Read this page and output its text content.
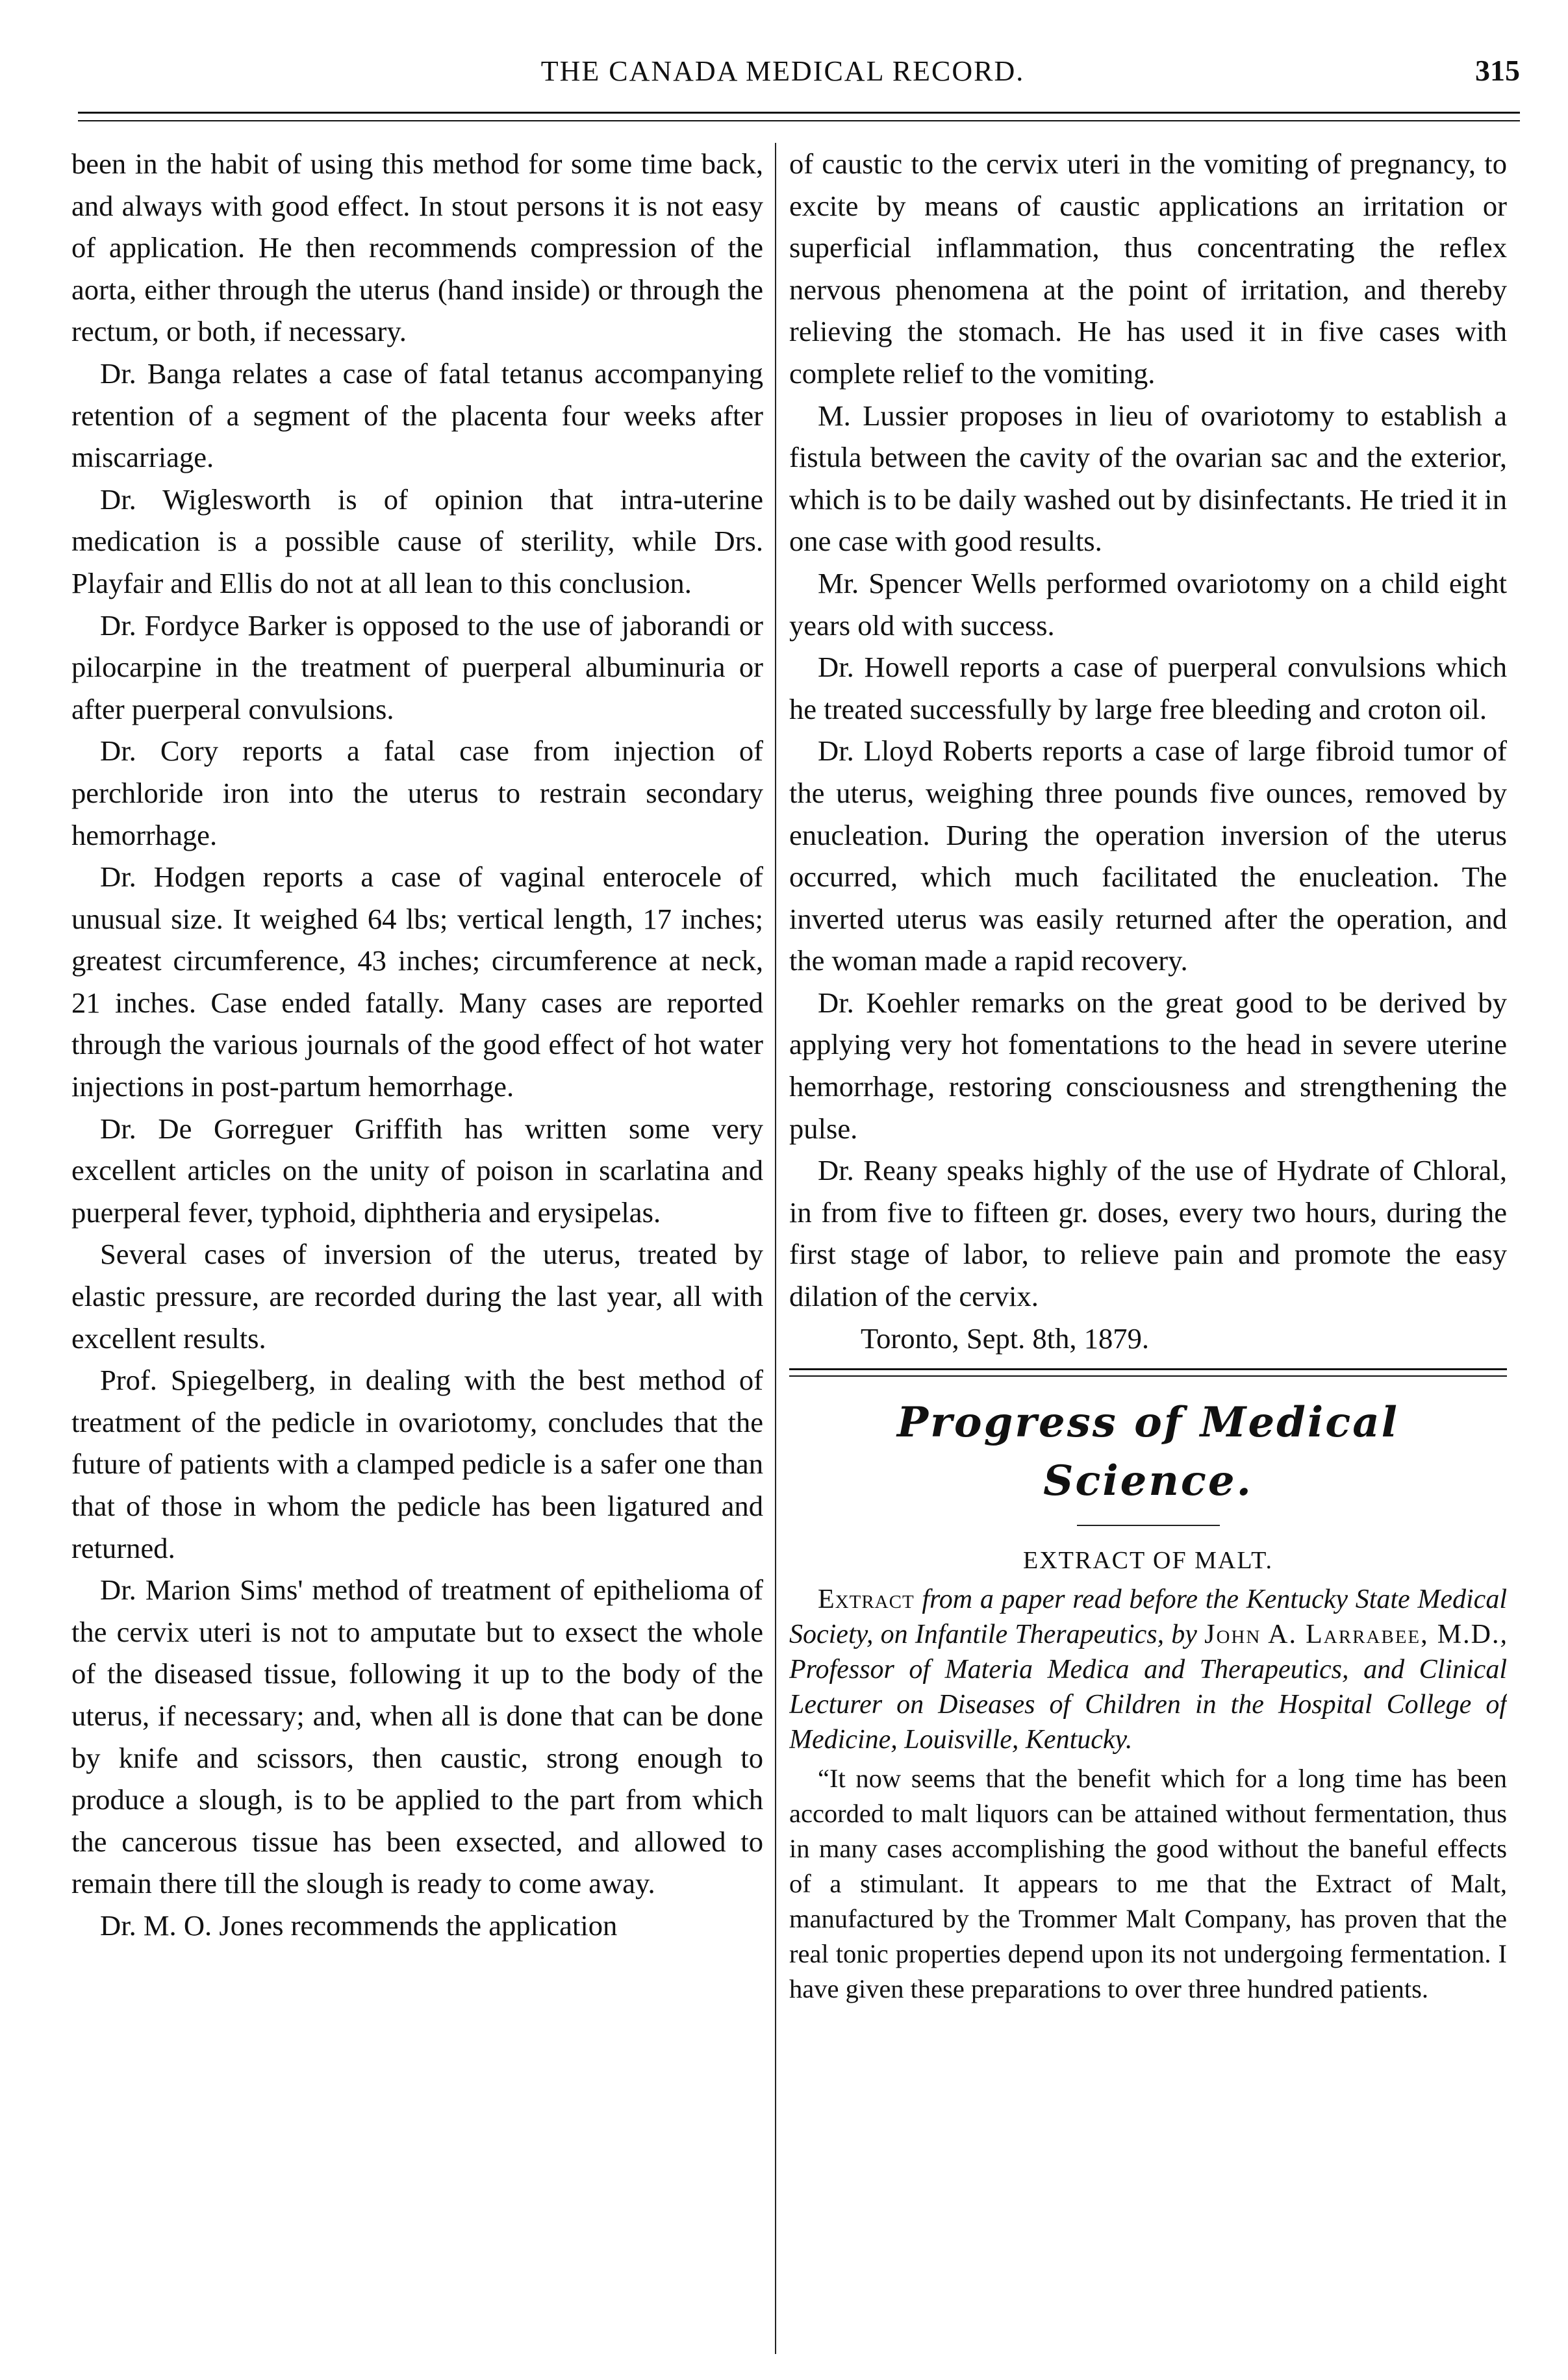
THE CANADA MEDICAL RECORD.	315

been in the habit of using this method for some time back, and always with good effect. In stout persons it is not easy of application. He then recommends compression of the aorta, either through the uterus (hand inside) or through the rectum, or both, if necessary.

Dr. Banga relates a case of fatal tetanus accompanying retention of a segment of the placenta four weeks after miscarriage.

Dr. Wiglesworth is of opinion that intra-uterine medication is a possible cause of sterility, while Drs. Playfair and Ellis do not at all lean to this conclusion.

Dr. Fordyce Barker is opposed to the use of jaborandi or pilocarpine in the treatment of puerperal albuminuria or after puerperal convulsions.

Dr. Cory reports a fatal case from injection of perchloride iron into the uterus to restrain secondary hemorrhage.

Dr. Hodgen reports a case of vaginal enterocele of unusual size. It weighed 64 lbs; vertical length, 17 inches; greatest circumference, 43 inches; circumference at neck, 21 inches. Case ended fatally. Many cases are reported through the various journals of the good effect of hot water injections in post-partum hemorrhage.

Dr. De Gorreguer Griffith has written some very excellent articles on the unity of poison in scarlatina and puerperal fever, typhoid, diphtheria and erysipelas.

Several cases of inversion of the uterus, treated by elastic pressure, are recorded during the last year, all with excellent results.

Prof. Spiegelberg, in dealing with the best method of treatment of the pedicle in ovariotomy, concludes that the future of patients with a clamped pedicle is a safer one than that of those in whom the pedicle has been ligatured and returned.

Dr. Marion Sims' method of treatment of epithelioma of the cervix uteri is not to amputate but to exsect the whole of the diseased tissue, following it up to the body of the uterus, if necessary; and, when all is done that can be done by knife and scissors, then caustic, strong enough to produce a slough, is to be applied to the part from which the cancerous tissue has been exsected, and allowed to remain there till the slough is ready to come away.

Dr. M. O. Jones recommends the application

of caustic to the cervix uteri in the vomiting of pregnancy, to excite by means of caustic applications an irritation or superficial inflammation, thus concentrating the reflex nervous phenomena at the point of irritation, and thereby relieving the stomach. He has used it in five cases with complete relief to the vomiting.

M. Lussier proposes in lieu of ovariotomy to establish a fistula between the cavity of the ovarian sac and the exterior, which is to be daily washed out by disinfectants. He tried it in one case with good results.

Mr. Spencer Wells performed ovariotomy on a child eight years old with success.

Dr. Howell reports a case of puerperal convulsions which he treated successfully by large free bleeding and croton oil.

Dr. Lloyd Roberts reports a case of large fibroid tumor of the uterus, weighing three pounds five ounces, removed by enucleation. During the operation inversion of the uterus occurred, which much facilitated the enucleation. The inverted uterus was easily returned after the operation, and the woman made a rapid recovery.

Dr. Koehler remarks on the great good to be derived by applying very hot fomentations to the head in severe uterine hemorrhage, restoring consciousness and strengthening the pulse.

Dr. Reany speaks highly of the use of Hydrate of Chloral, in from five to fifteen gr. doses, every two hours, during the first stage of labor, to relieve pain and promote the easy dilation of the cervix.

Toronto, Sept. 8th, 1879.

Progress of Medical Science.

EXTRACT OF MALT.

Extract from a paper read before the Kentucky State Medical Society, on Infantile Therapeutics, by John A. Larrabee, M.D., Professor of Materia Medica and Therapeutics, and Clinical Lecturer on Diseases of Children in the Hospital College of Medicine, Louisville, Kentucky.

“It now seems that the benefit which for a long time has been accorded to malt liquors can be attained without fermentation, thus in many cases accomplishing the good without the baneful effects of a stimulant. It appears to me that the Extract of Malt, manufactured by the Trommer Malt Company, has proven that the real tonic properties depend upon its not undergoing fermentation. I have given these preparations to over three hundred patients.
